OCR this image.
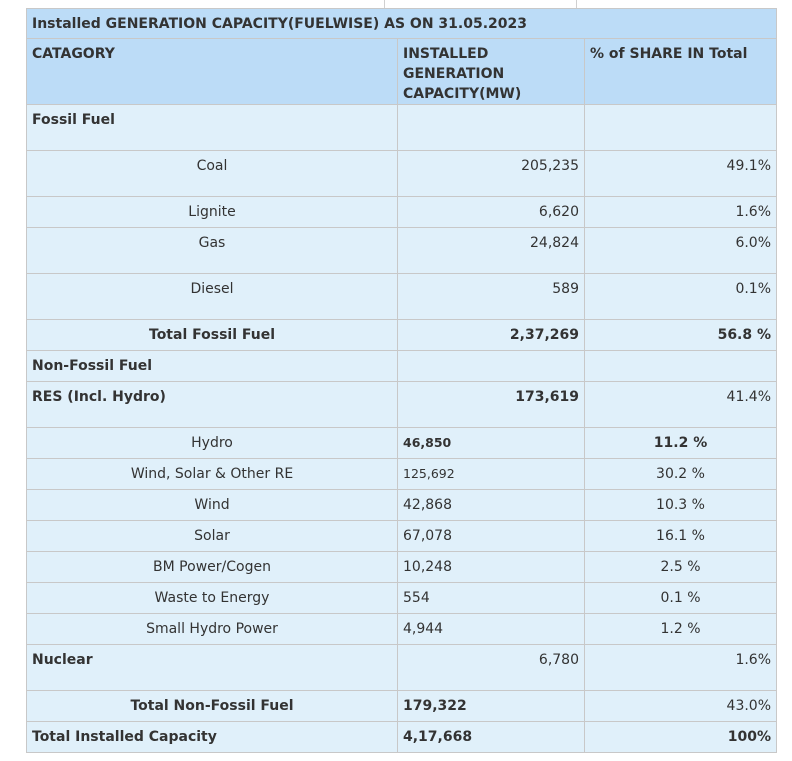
Installed GENERATION CAPACITY(FUELWISE) AS ON 31.05.2023		
CATAGORY	INSTALLED GENERATION CAPACITY(MW)	% of SHARE IN Total
Fossil Fuel		
Coal	205,235	49.1%
Lignite	6,620	1.6%
Gas	24,824	6.0%
Diesel	589	0.1%
Total Fossil Fuel	2,37,269	56.8 %
Non-Fossil Fuel		
RES (Incl. Hydro)	173,619	41.4%
Hydro	46,850	11.2 %
Wind, Solar & Other RE	125,692	30.2 %
Wind	42,868	10.3 %
Solar	67,078	16.1 %
BM Power/Cogen	10,248	2.5 %
Waste to Energy	554	0.1 %
Small Hydro Power	4,944	1.2 %
Nuclear	6,780	1.6%
Total Non-Fossil Fuel	179,322	43.0%
Total Installed Capacity	4,17,668	100%
